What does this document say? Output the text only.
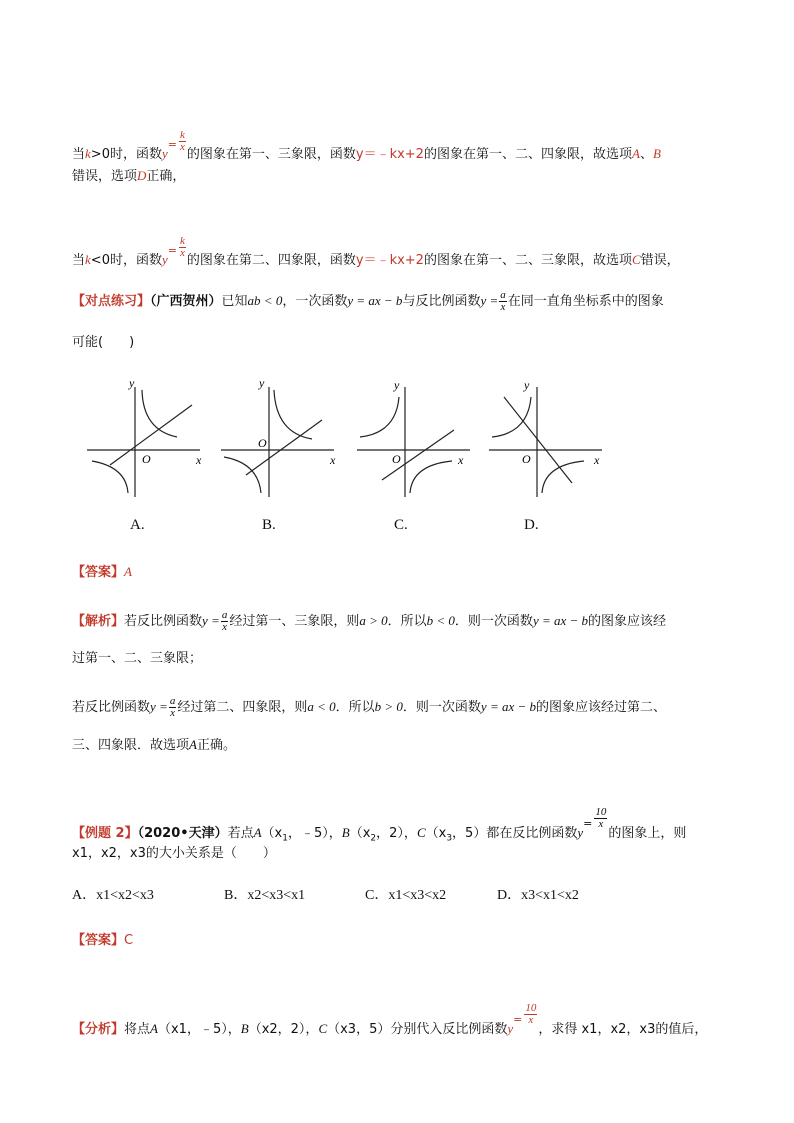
当k>0时，函数$y^= \frac{k}{x}$
的图象在第一、三象限，函数y＝﹣kx+2的图象在第一、二、四象限，故选项A、B
错误，选项D正确，
当k<0时，函数$y^= \frac{k}{x}$
的图象在第二、四象限，函数y＝﹣kx+2的图象在第一、二、三象限，故选项C错误，
【对点练习】（广西贺州）已知ab < 0，一次函数y = ax − b与反比例函数$y = \frac{a}{x}$ 在同一直角坐标系中的图象
可能(　　)
y
x
O
y
x
O
y
x
O
y
x
O
A.	B.	C.	D.
【答案】A
【解析】若反比例函数$y = \frac{a}{x}$ 经过第一、三象限，则a > 0．所以b < 0．则一次函数y = ax − b的图象应该经
过第一、二、三象限；
若反比例函数$y = \frac{a}{x}$ 经过第二、四象限，则a < 0．所以b > 0．则一次函数y = ax − b的图象应该经过第二、
三、四象限．故选项A正确。
【例题 2】（2020•天津）若点$A(x_1$，﹣5），$B(x_2$，2），$C(x_3$，5）都在反比例函数$y^= \frac{10}{x}$
的图象上，则
x1，x2，x3的大小关系是（　　）
A．x1<x2<x3	B．x2<x3<x1	C．x1<x3<x2	D．x3<x1<x2
【答案】C
【分析】将点A（x1，﹣5），B（x2，2），C（x3，5）分别代入反比例函数$y^= \frac{10}{x}$
，求得 x1，x2，x3的值后，
